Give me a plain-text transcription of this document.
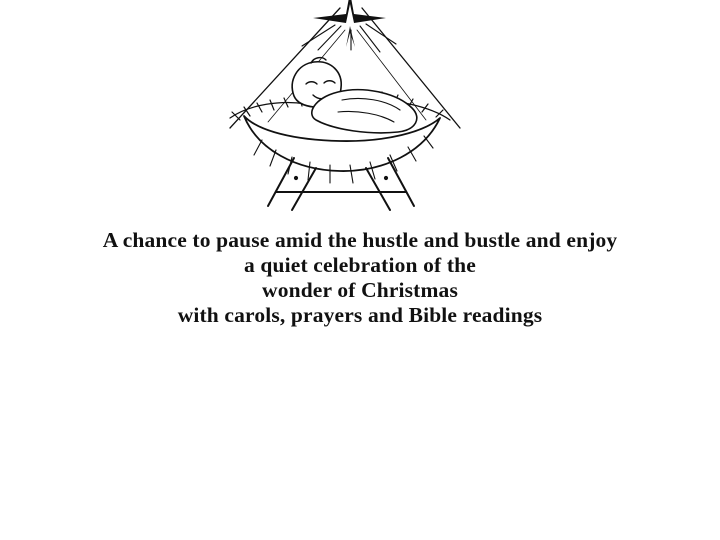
A chance to pause amid the hustle and bustle and enjoy
a quiet celebration of the
wonder of Christmas
with carols, prayers and Bible readings
